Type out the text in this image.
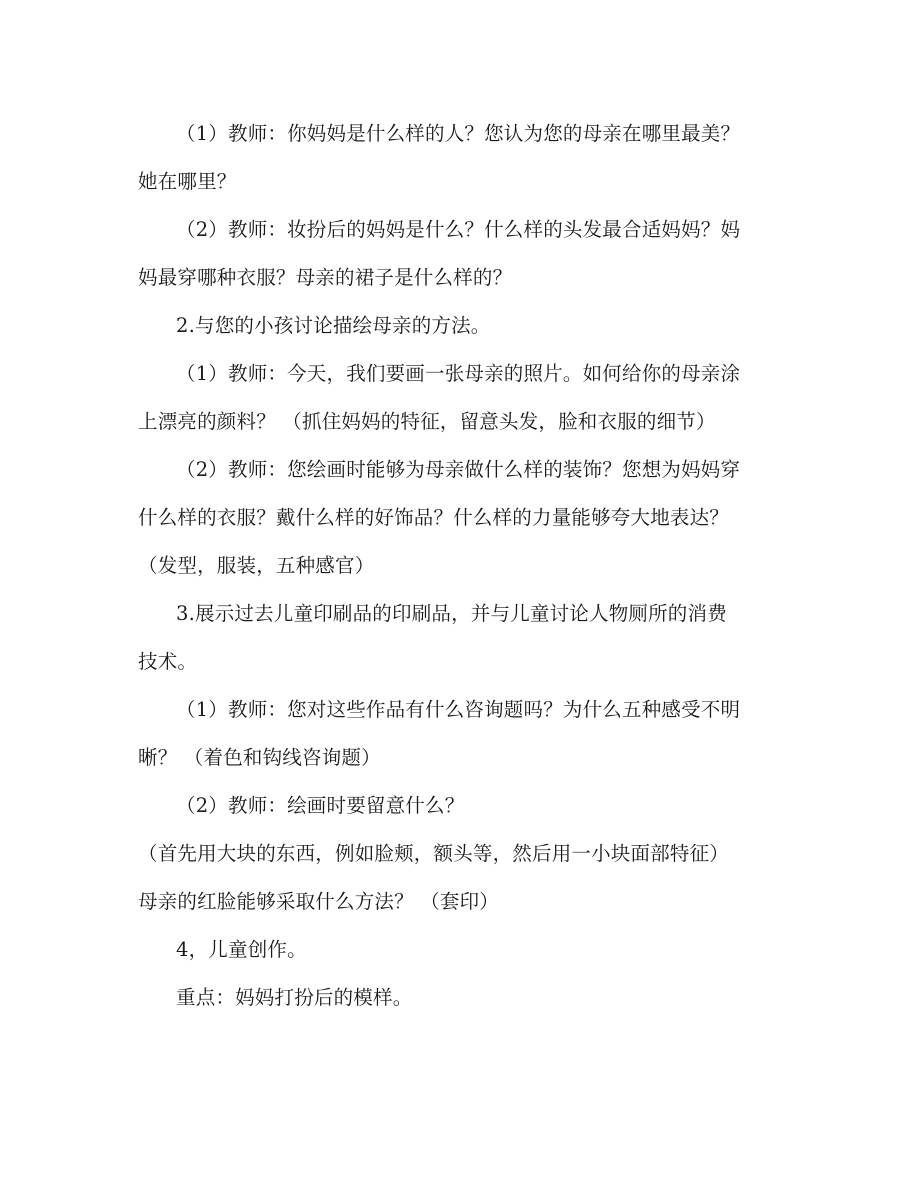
（1）教师：你妈妈是什么样的人？您认为您的母亲在哪里最美？
她在哪里？
（2）教师：妆扮后的妈妈是什么？什么样的头发最合适妈妈？妈
妈最穿哪种衣服？母亲的裙子是什么样的？
2.与您的小孩讨论描绘母亲的方法。
（1）教师：今天，我们要画一张母亲的照片。如何给你的母亲涂
上漂亮的颜料？ （抓住妈妈的特征，留意头发，脸和衣服的细节）
（2）教师：您绘画时能够为母亲做什么样的装饰？您想为妈妈穿
什么样的衣服？戴什么样的好饰品？什么样的力量能够夸大地表达？
（发型，服装，五种感官）
3.展示过去儿童印刷品的印刷品，并与儿童讨论人物厕所的消费
技术。
（1）教师：您对这些作品有什么咨询题吗？为什么五种感受不明
晰？ （着色和钩线咨询题）
（2）教师：绘画时要留意什么？
（首先用大块的东西，例如脸颊，额头等，然后用一小块面部特征）
母亲的红脸能够采取什么方法？ （套印）
4，儿童创作。
重点：妈妈打扮后的模样。
